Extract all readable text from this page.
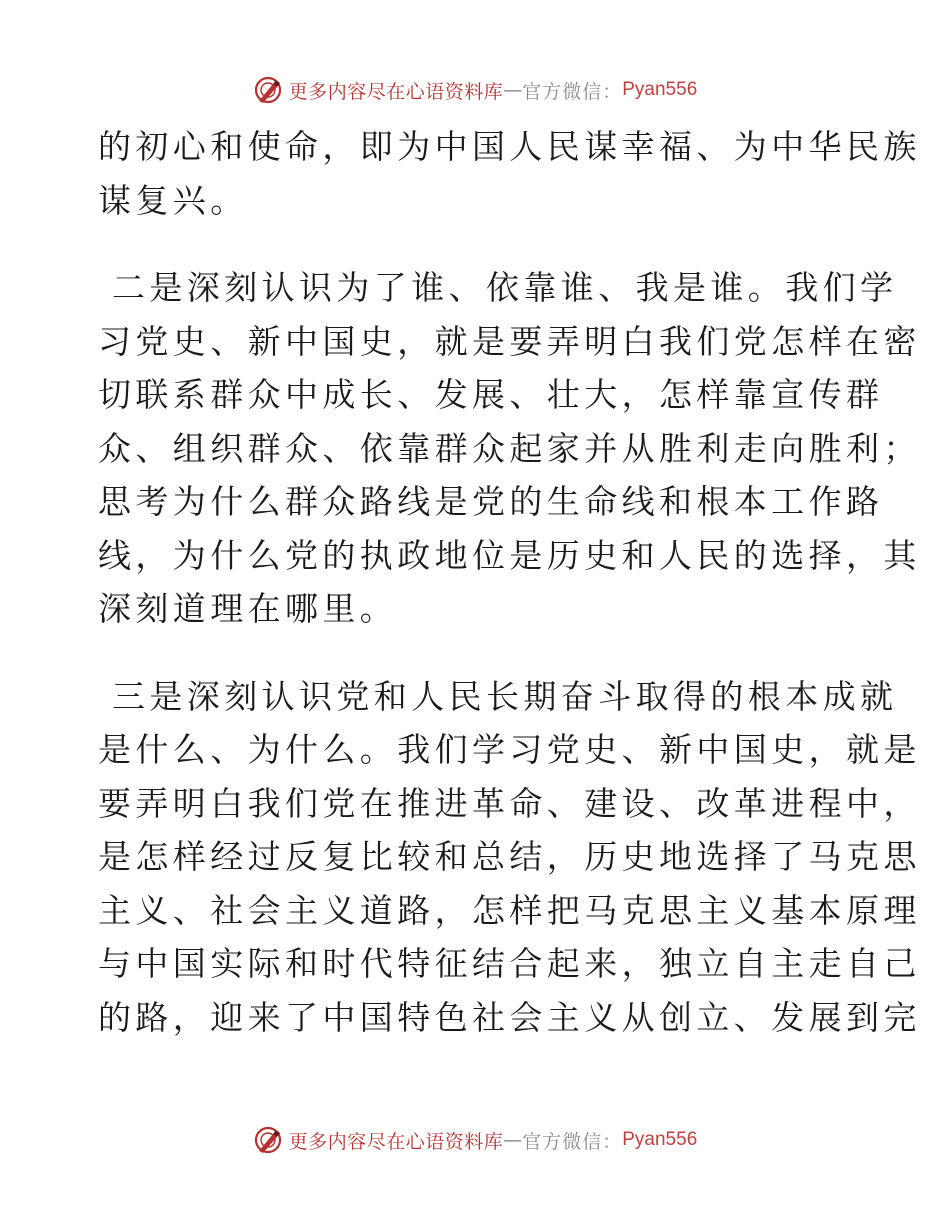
更多内容尽在心语资料库 — 官方微信： Pyan556
的初心和使命，即为中国人民谋幸福、为中华民族
谋复兴。
二是深刻认识为了谁、依靠谁、我是谁。我们学
习党史、新中国史，就是要弄明白我们党怎样在密
切联系群众中成长、发展、壮大，怎样靠宣传群
众、组织群众、依靠群众起家并从胜利走向胜利；
思考为什么群众路线是党的生命线和根本工作路
线，为什么党的执政地位是历史和人民的选择，其
深刻道理在哪里。
三是深刻认识党和人民长期奋斗取得的根本成就
是什么、为什么。我们学习党史、新中国史，就是
要弄明白我们党在推进革命、建设、改革进程中，
是怎样经过反复比较和总结，历史地选择了马克思
主义、社会主义道路，怎样把马克思主义基本原理
与中国实际和时代特征结合起来，独立自主走自己
的路，迎来了中国特色社会主义从创立、发展到完
更多内容尽在心语资料库 — 官方微信： Pyan556
